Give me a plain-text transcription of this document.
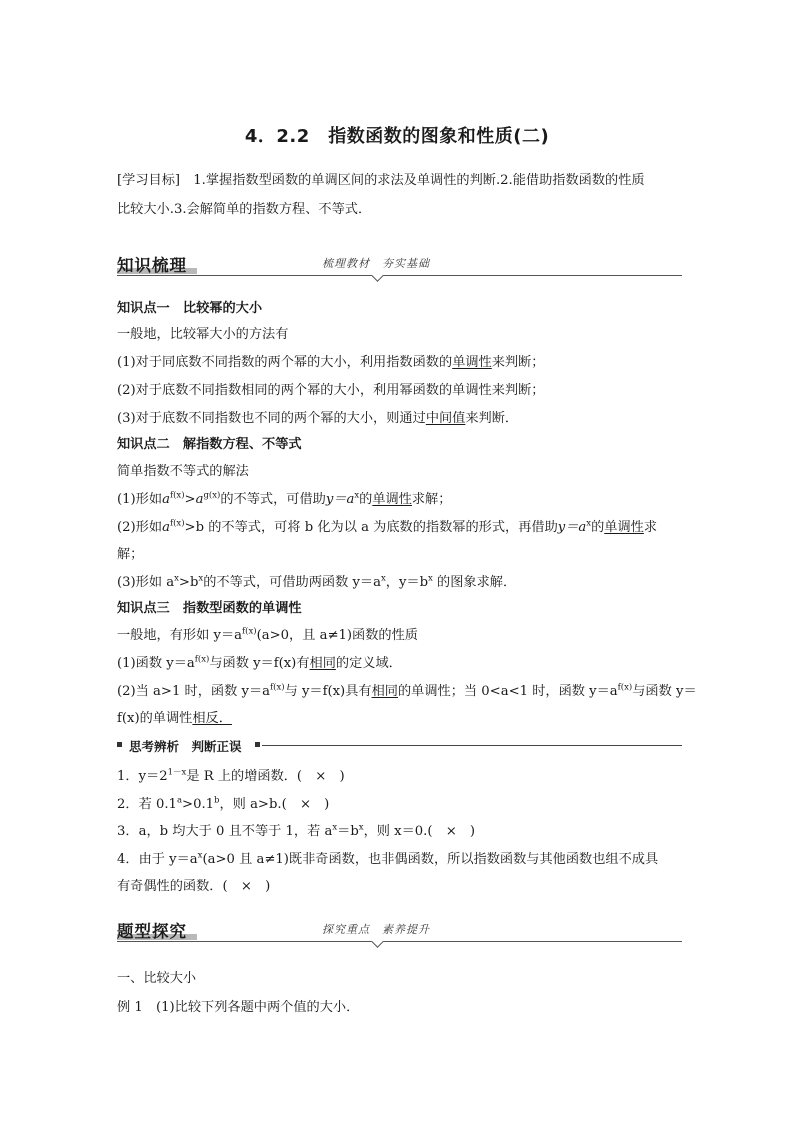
4．2.2　指数函数的图象和性质(二)
[学习目标]　1.掌握指数型函数的单调区间的求法及单调性的判断.2.能借助指数函数的性质
比较大小.3.会解简单的指数方程、不等式．
知识梳理	梳理教材　夯实基础
知识点一　比较幂的大小
一般地，比较幂大小的方法有
(1)对于同底数不同指数的两个幂的大小，利用指数函数的单调性来判断；
(2)对于底数不同指数相同的两个幂的大小，利用幂函数的单调性来判断；
(3)对于底数不同指数也不同的两个幂的大小，则通过中间值来判断．
知识点二　解指数方程、不等式
简单指数不等式的解法
(1)形如$a^{f(x)}>a^{g(x)}$的不等式，可借助$y=a^x$的单调性求解；
(2)形如$a^{f(x)}>b$ 的不等式，可将 b 化为以 a 为底数的指数幂的形式，再借助$y=a^x$的单调性求
解；
(3)形如 $a^x>b^x$的不等式，可借助两函数 $y=a^x$，$y=b^x$ 的图象求解．
知识点三　指数型函数的单调性
一般地，有形如 $y=a^{f(x)}(a>0$，且 a≠1)函数的性质
(1)函数 $y=a^{f(x)}$与函数 y＝f(x)有相同的定义域．
(2)当 a>1 时，函数 $y=a^{f(x)}$与 y＝f(x)具有相同的单调性；当 0<a<1 时，函数 $y=a^{f(x)}$与函数 y＝
f(x)的单调性相反．
思考辨析　判断正误
1．$y=2^{1-x}$是 R 上的增函数．(　×　)
2．若 0.1$^a$>0.1$^b$，则 a>b.(　×　)
3．a，b 均大于 0 且不等于 1，若 $a^x=b^x$，则 x＝0.(　×　)
4．由于 $y=a^x(a>0$ 且 a≠1)既非奇函数，也非偶函数，所以指数函数与其他函数也组不成具
有奇偶性的函数．(　×　)
题型探究	探究重点　素养提升
一、比较大小
例 1　(1)比较下列各题中两个值的大小．
